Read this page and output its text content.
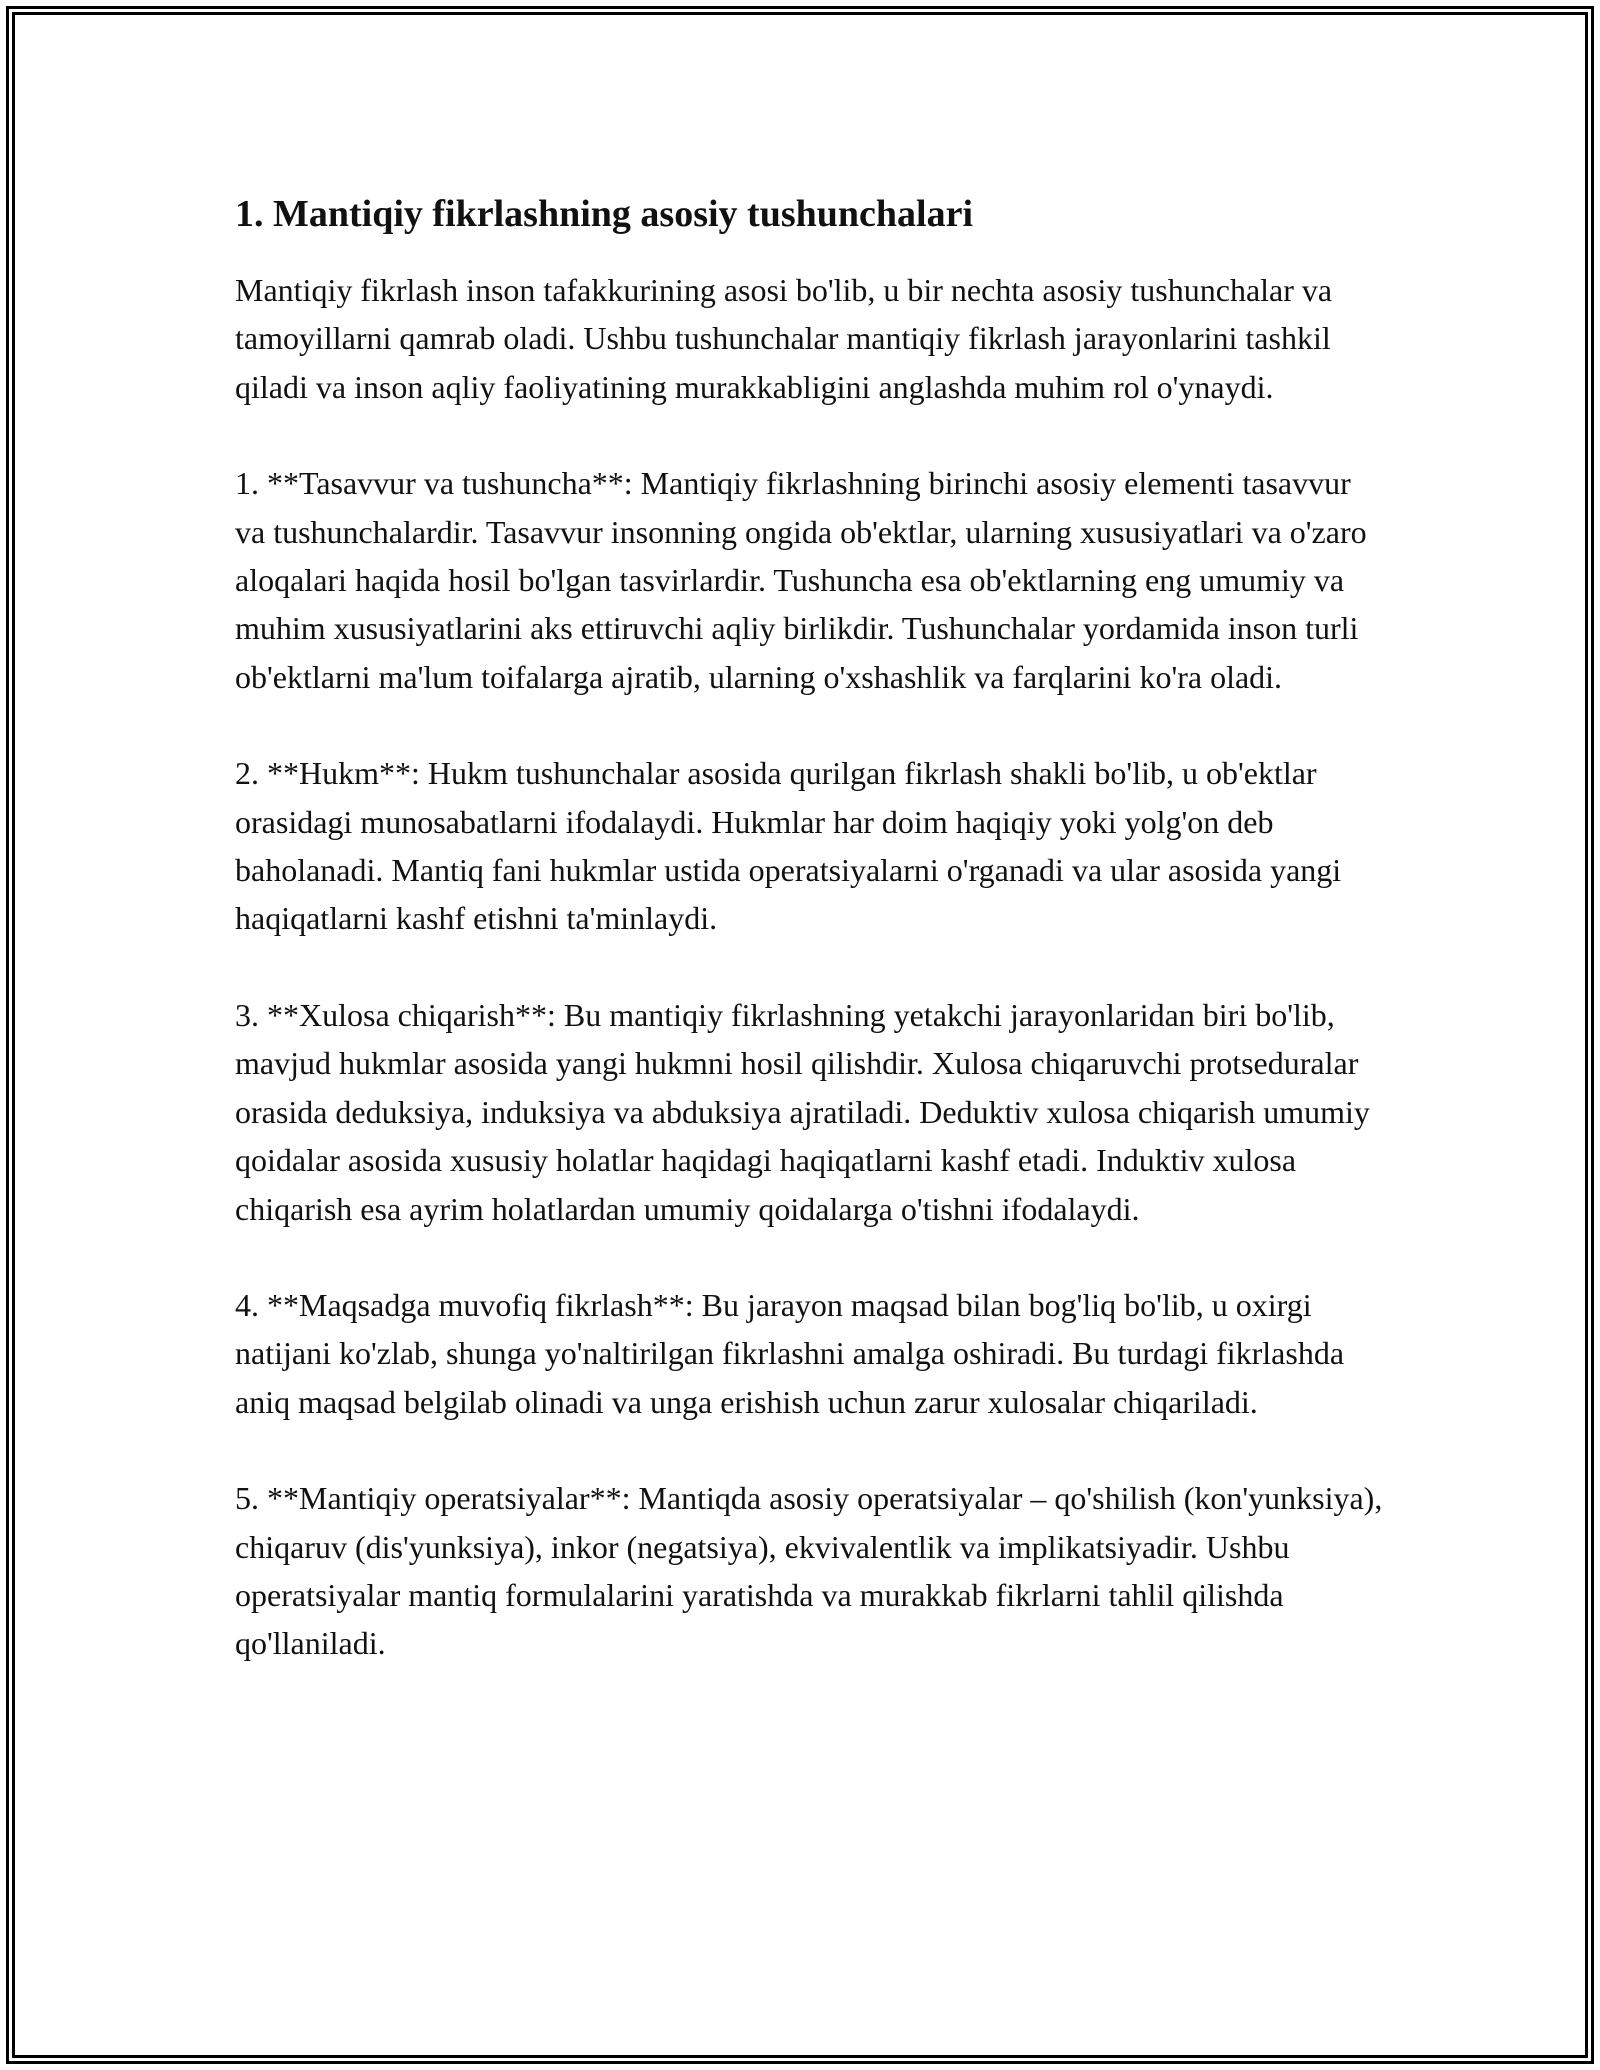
1. Mantiqiy fikrlashning asosiy tushunchalari

Mantiqiy fikrlash inson tafakkurining asosi bo'lib, u bir nechta asosiy tushunchalar va tamoyillarni qamrab oladi. Ushbu tushunchalar mantiqiy fikrlash jarayonlarini tashkil qiladi va inson aqliy faoliyatining murakkabligini anglashda muhim rol o'ynaydi.

1. **Tasavvur va tushuncha**: Mantiqiy fikrlashning birinchi asosiy elementi tasavvur va tushunchalardir. Tasavvur insonning ongida ob'ektlar, ularning xususiyatlari va o'zaro aloqalari haqida hosil bo'lgan tasvirlardir. Tushuncha esa ob'ektlarning eng umumiy va muhim xususiyatlarini aks ettiruvchi aqliy birlikdir. Tushunchalar yordamida inson turli ob'ektlarni ma'lum toifalarga ajratib, ularning o'xshashlik va farqlarini ko'ra oladi.

2. **Hukm**: Hukm tushunchalar asosida qurilgan fikrlash shakli bo'lib, u ob'ektlar orasidagi munosabatlarni ifodalaydi. Hukmlar har doim haqiqiy yoki yolg'on deb baholanadi. Mantiq fani hukmlar ustida operatsiyalarni o'rganadi va ular asosida yangi haqiqatlarni kashf etishni ta'minlaydi.

3. **Xulosa chiqarish**: Bu mantiqiy fikrlashning yetakchi jarayonlaridan biri bo'lib, mavjud hukmlar asosida yangi hukmni hosil qilishdir. Xulosa chiqaruvchi protseduralar orasida deduksiya, induksiya va abduksiya ajratiladi. Deduktiv xulosa chiqarish umumiy qoidalar asosida xususiy holatlar haqidagi haqiqatlarni kashf etadi. Induktiv xulosa chiqarish esa ayrim holatlardan umumiy qoidalarga o'tishni ifodalaydi.

4. **Maqsadga muvofiq fikrlash**: Bu jarayon maqsad bilan bog'liq bo'lib, u oxirgi natijani ko'zlab, shunga yo'naltirilgan fikrlashni amalga oshiradi. Bu turdagi fikrlashda aniq maqsad belgilab olinadi va unga erishish uchun zarur xulosalar chiqariladi.

5. **Mantiqiy operatsiyalar**: Mantiqda asosiy operatsiyalar – qo'shilish (kon'yunksiya), chiqaruv (dis'yunksiya), inkor (negatsiya), ekvivalentlik va implikatsiyadir. Ushbu operatsiyalar mantiq formulalarini yaratishda va murakkab fikrlarni tahlil qilishda qo'llaniladi.
